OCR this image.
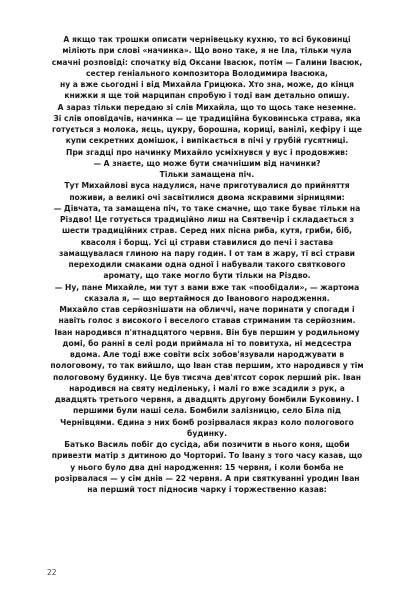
А якщо так трошки описати чернівецьку кухню, то всі буковинці міліють при слові «начинка». Що воно таке, я не Іла, тільки чула смачні розповіді: спочатку від Оксани Івасюк, потім — Галини Івасюк, сестер геніального композитора Володимира Івасюка,

ну а вже сьогодні і від Михайла Грицюка. Хто зна, може, до кінця книжки я ще той марципан спробую і тоді вам детально опишу.

А зараз тільки передаю зі слів Михайла, що то щось таке неземне.

Зі слів оповідачів, начинка — це традиційна буковинська страва, яка готується з молока, яєць, цукру, борошна, кориці, ванілі, кефіру і ще купи секретних домішок, і випікається в пічі у грубій гусятниці.

При згадці про начинку Михайло усміхнувся у вус і продовжив:

— А знаєте, що може бути смачнішим від начинки?

Тільки замащена піч.

Тут Михайлові вуса надулися, наче приготувалися до прийняття поживи, а великі очі засвітилися двома яскравими зірницями:

— Дівчата, та замащена піч, то таке смачне, що таке буває тільки на Різдво! Це готується традиційно лиш на Святвечір і складається з шести традиційних страв. Серед них пісна риба, кутя, гриби, біб, квасоля і борщ. Усі ці страви ставилися до печі і застава замащувалася глиною на пару годин. І от там в жару, ті всі страви переходили смаками одна одної і набували такого святкового аромату, що таке могло бути тільки на Різдво.

— Ну, пане Михайле, ми тут з вами вже так «пообідали», — жартома сказала я, — що вертаймося до Іванового народження.

Михайло став серйознішати на обличчі, наче поринати у спогади і навіть голос з високого і веселого ставав стриманим та серйозним.

Іван народився п'ятнадцятого червня. Він був першим у родильному домі, бо ранні в селі роди приймала ні то повитуха, ні медсестра вдома. Але тоді вже совіти всіх зобов'язували народжувати в пологовому, то так вийшло, що Іван став першим, хто народився у тім пологовому будинку. Це був тисяча дев'ятсот сорок перший рік. Іван народився на святу неділеньку, і малі го вже зсадили з рук, а двадцять третього червня, а двадцять другому бомбили Буковину. І першими були наші села. Бомбили залізницю, село Біла під Чернівцями. Єдина з них бомб розірвалася якраз коло пологового будинку.

Батько Василь побіг до сусіда, аби позичити в нього коня, щоби привезти матір з дитиною до Чорториї. То Івану з того часу казав, що у нього було два дні народження: 15 червня, і коли бомба не розірвалася — у сім днів — 22 червня. А при святкуванні уродин Іван на перший тост підносив чарку і торжественно казав:

22
